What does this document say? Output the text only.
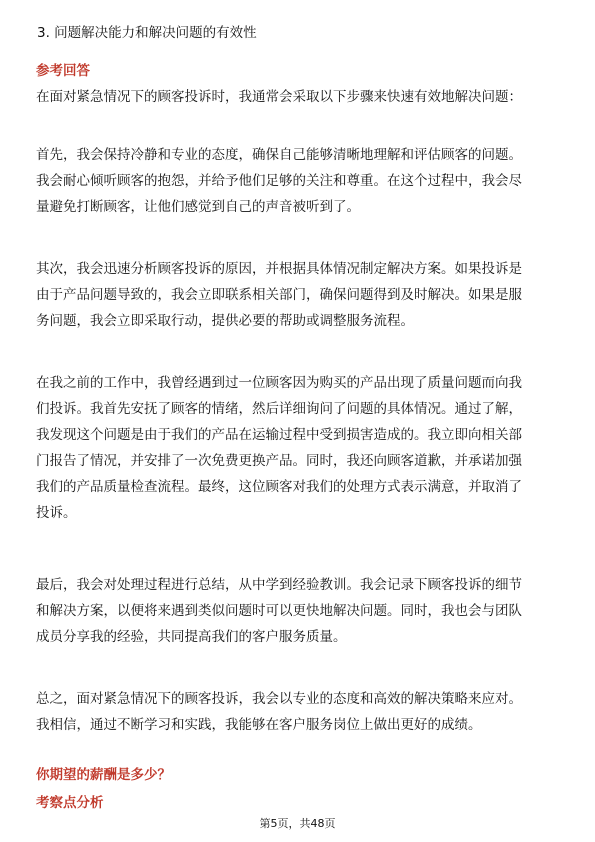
3. 问题解决能力和解决问题的有效性
参考回答
在面对紧急情况下的顾客投诉时，我通常会采取以下步骤来快速有效地解决问题：
首先，我会保持冷静和专业的态度，确保自己能够清晰地理解和评估顾客的问题。
我会耐心倾听顾客的抱怨，并给予他们足够的关注和尊重。在这个过程中，我会尽
量避免打断顾客，让他们感觉到自己的声音被听到了。
其次，我会迅速分析顾客投诉的原因，并根据具体情况制定解决方案。如果投诉是
由于产品问题导致的，我会立即联系相关部门，确保问题得到及时解决。如果是服
务问题，我会立即采取行动，提供必要的帮助或调整服务流程。
在我之前的工作中，我曾经遇到过一位顾客因为购买的产品出现了质量问题而向我
们投诉。我首先安抚了顾客的情绪，然后详细询问了问题的具体情况。通过了解，
我发现这个问题是由于我们的产品在运输过程中受到损害造成的。我立即向相关部
门报告了情况，并安排了一次免费更换产品。同时，我还向顾客道歉，并承诺加强
我们的产品质量检查流程。最终，这位顾客对我们的处理方式表示满意，并取消了
投诉。
最后，我会对处理过程进行总结，从中学到经验教训。我会记录下顾客投诉的细节
和解决方案，以便将来遇到类似问题时可以更快地解决问题。同时，我也会与团队
成员分享我的经验，共同提高我们的客户服务质量。
总之，面对紧急情况下的顾客投诉，我会以专业的态度和高效的解决策略来应对。
我相信，通过不断学习和实践，我能够在客户服务岗位上做出更好的成绩。
你期望的薪酬是多少？
考察点分析
第5页，共48页
